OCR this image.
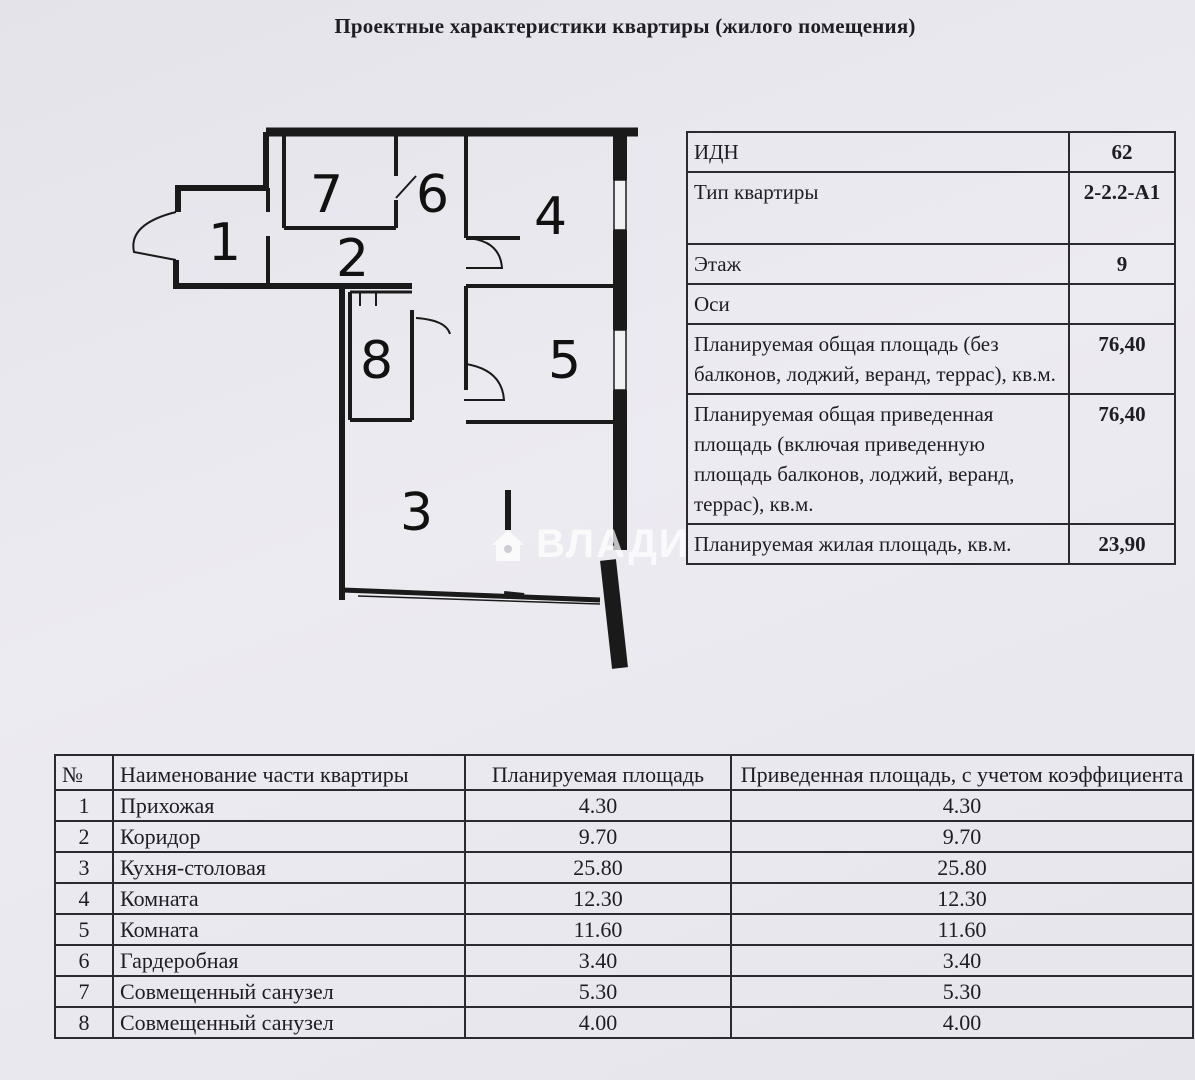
Проектные характеристики квартиры (жилого помещения)
1 2
3
4
5
6
7
8
ВЛАДИ
ИДН	62
Тип квартиры	2-2.2-A1
Этаж	9
Оси	
Планируемая общая площадь (без балконов, лоджий, веранд, террас), кв.м.	76,40
Планируемая общая приведенная площадь (включая приведенную площадь балконов, лоджий, веранд, террас), кв.м.	76,40
Планируемая жилая площадь, кв.м.	23,90
№	Наименование части квартиры	Планируемая площадь	Приведенная площадь, с учетом коэффициента
1	Прихожая	4.30	4.30
2	Коридор	9.70	9.70
3	Кухня-столовая	25.80	25.80
4	Комната	12.30	12.30
5	Комната	11.60	11.60
6	Гардеробная	3.40	3.40
7	Совмещенный санузел	5.30	5.30
8	Совмещенный санузел	4.00	4.00
